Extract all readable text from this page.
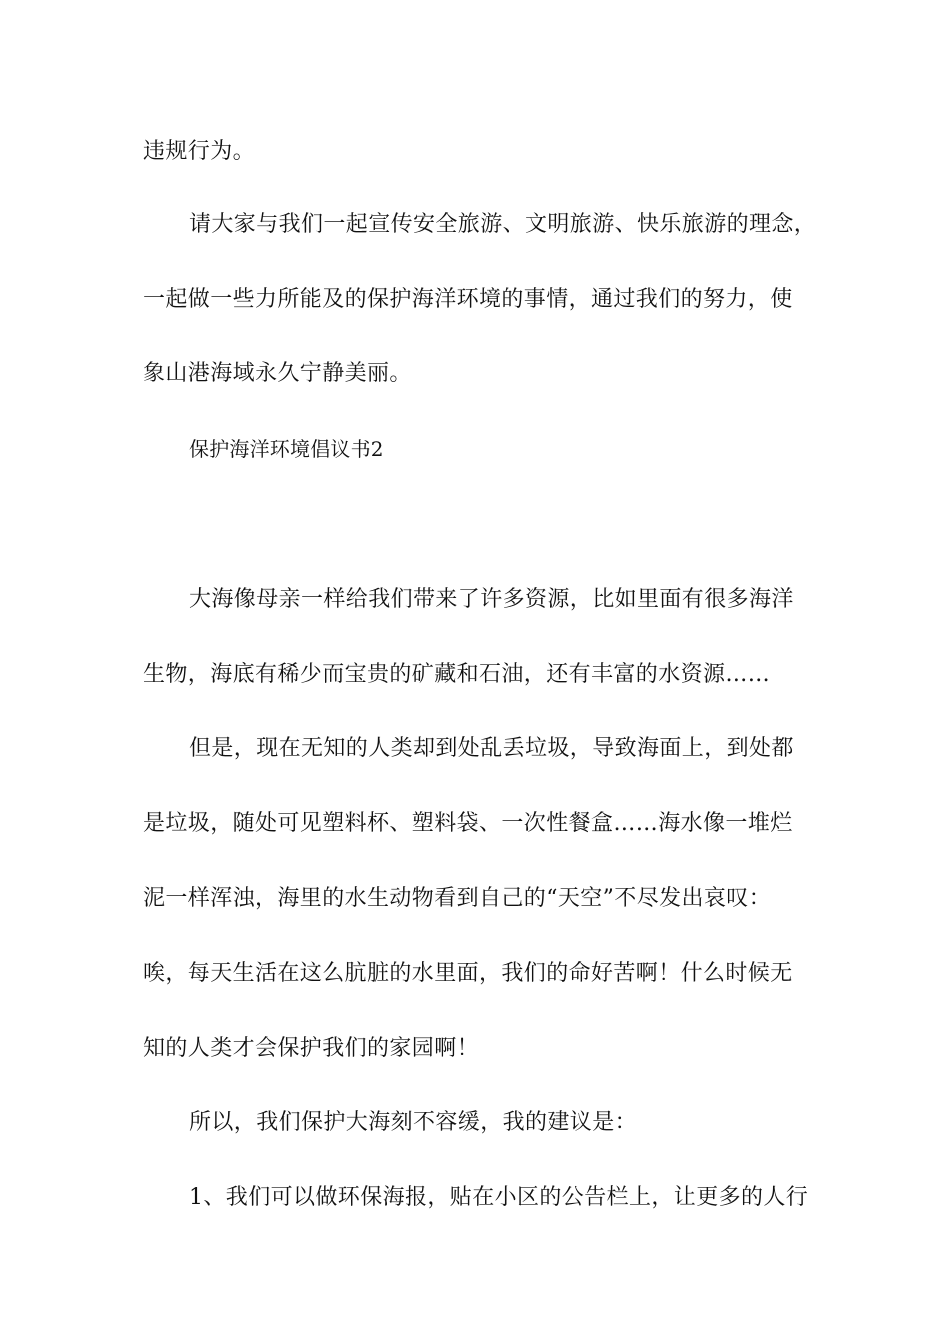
违规行为。
请大家与我们一起宣传安全旅游、文明旅游、快乐旅游的理念，
一起做一些力所能及的保护海洋环境的事情，通过我们的努力，使
象山港海域永久宁静美丽。
保护海洋环境倡议书2
大海像母亲一样给我们带来了许多资源，比如里面有很多海洋
生物，海底有稀少而宝贵的矿藏和石油，还有丰富的水资源……
但是，现在无知的人类却到处乱丢垃圾，导致海面上，到处都
是垃圾，随处可见塑料杯、塑料袋、一次性餐盒……海水像一堆烂
泥一样浑浊，海里的水生动物看到自己的“天空”不尽发出哀叹：
唉，每天生活在这么肮脏的水里面，我们的命好苦啊！什么时候无
知的人类才会保护我们的家园啊！
所以，我们保护大海刻不容缓，我的建议是：
1、我们可以做环保海报，贴在小区的公告栏上，让更多的人行
